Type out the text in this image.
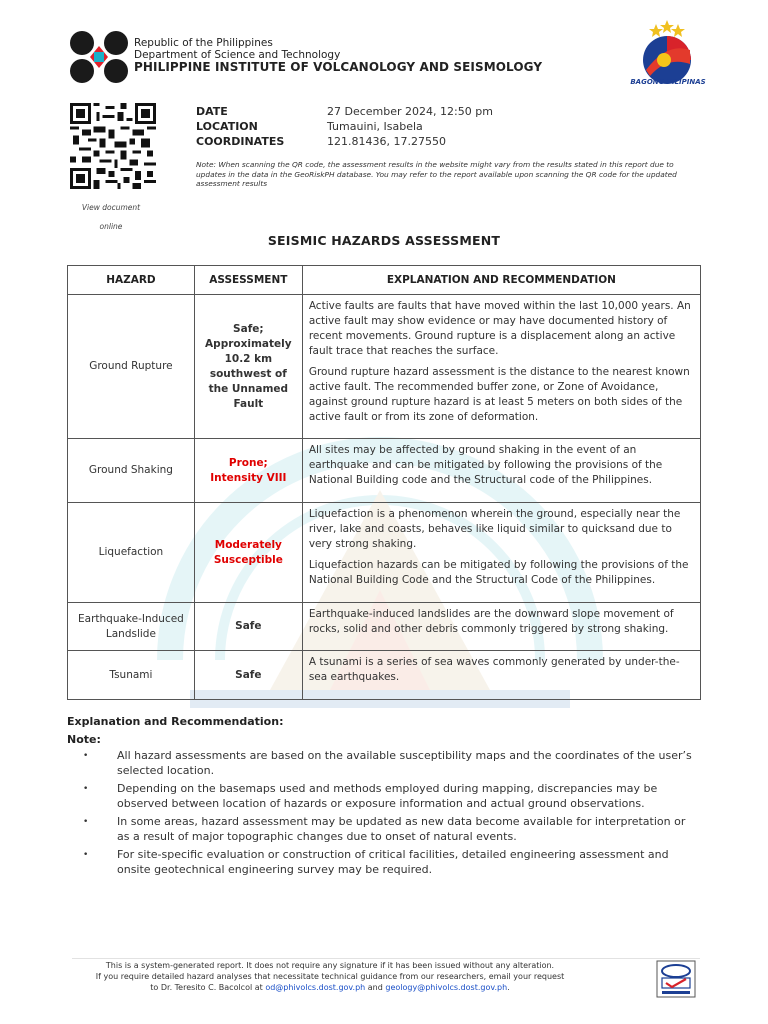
Republic of the Philippines
Department of Science and Technology
PHILIPPINE INSTITUTE OF VOLCANOLOGY AND SEISMOLOGY
BAGONG PILIPINAS
View document
online
DATE	27 December 2024, 12:50 pm
LOCATION	Tumauini, Isabela
COORDINATES	121.81436, 17.27550
Note: When scanning the QR code, the assessment results in the website might vary from the results stated in this report due to updates in the data in the GeoRiskPH database. You may refer to the report available upon scanning the QR code for the updated assessment results
SEISMIC HAZARDS ASSESSMENT
HAZARD	ASSESSMENT	EXPLANATION AND RECOMMENDATION
Ground Rupture	Safe; Approximately 10.2 km southwest of the Unnamed Fault	Active faults are faults that have moved within the last 10,000 years. An active fault may show evidence or may have documented history of recent movements. Ground rupture is a displacement along an active fault trace that reaches the surface.

Ground rupture hazard assessment is the distance to the nearest known active fault. The recommended buffer zone, or Zone of Avoidance, against ground rupture hazard is at least 5 meters on both sides of the active fault or from its zone of deformation.

Ground Shaking	Prone; Intensity VIII	All sites may be affected by ground shaking in the event of an earthquake and can be mitigated by following the provisions of the National Building code and the Structural code of the Philippines.

Liquefaction	Moderately Susceptible	Liquefaction is a phenomenon wherein the ground, especially near the river, lake and coasts, behaves like liquid similar to quicksand due to very strong shaking.

Liquefaction hazards can be mitigated by following the provisions of the National Building Code and the Structural Code of the Philippines.

Earthquake-Induced Landslide	Safe	Earthquake-induced landslides are the downward slope movement of rocks, solid and other debris commonly triggered by strong shaking.

Tsunami	Safe	A tsunami is a series of sea waves commonly generated by under-the-sea earthquakes.

Explanation and Recommendation:
Note:
• All hazard assessments are based on the available susceptibility maps and the coordinates of the user’s selected location.
• Depending on the basemaps used and methods employed during mapping, discrepancies may be observed between location of hazards or exposure information and actual ground observations.
• In some areas, hazard assessment may be updated as new data become available for interpretation or as a result of major topographic changes due to onset of natural events.
• For site-specific evaluation or construction of critical facilities, detailed engineering assessment and onsite geotechnical engineering survey may be required.
This is a system-generated report. It does not require any signature if it has been issued without any alteration.
If you require detailed hazard analyses that necessitate technical guidance from our researchers, email your request
to Dr. Teresito C. Bacolcol at od@phivolcs.dost.gov.ph and geology@phivolcs.dost.gov.ph.
